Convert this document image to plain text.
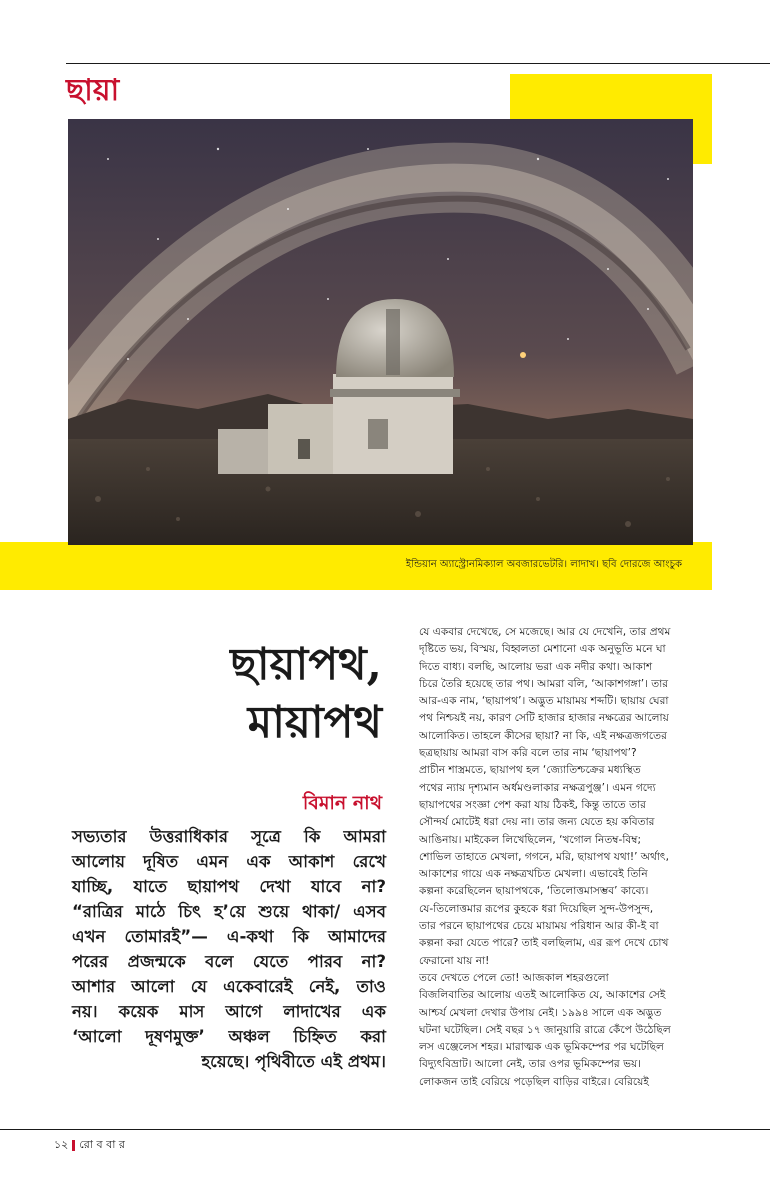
ছায়া
ইন্ডিয়ান অ্যাস্ট্রোনমিক্যাল অবজারভেটরি। লাদাখ। ছবি দোরজে আংচুক
ছায়াপথ,
মায়াপথ
বিমান নাথ

সভ্যতার উত্তরাধিকার সূত্রে কি আমরা

আলোয় দূষিত এমন এক আকাশ রেখে

যাচ্ছি, যাতে ছায়াপথ দেখা যাবে না?

“রাত্রির মাঠে চিৎ হ’য়ে শুয়ে থাকা/ এসব

এখন তোমারই”— এ-কথা কি আমাদের

পরের প্রজন্মকে বলে যেতে পারব না?

আশার আলো যে একেবারেই নেই, তাও

নয়। কয়েক মাস আগে লাদাখের এক

‘আলো দূষণমুক্ত’ অঞ্চল চিহ্নিত করা

হয়েছে। পৃথিবীতে এই প্রথম।

যে একবার দেখেছে, সে মজেছে। আর যে দেখেনি, তার প্রথম

দৃষ্টিতে ভয়, বিস্ময়, বিহ্বলতা মেশানো এক অনুভূতি মনে ঘা

দিতে বাধ্য। বলছি, আলোয় ভরা এক নদীর কথা। আকাশ

চিরে তৈরি হয়েছে তার পথ। আমরা বলি, ‘আকাশগঙ্গা’। তার

আর-এক নাম, ‘ছায়াপথ’। অদ্ভুত মায়াময় শব্দটি। ছায়ায় ঘেরা

পথ নিশ্চয়ই নয়, কারণ সেটি হাজার হাজার নক্ষত্রের আলোয়

আলোকিত। তাহলে কীসের ছায়া? না কি, এই নক্ষত্রজগতের

ছত্রছায়ায় আমরা বাস করি বলে তার নাম ‘ছায়াপথ’?

প্রাচীন শাস্ত্রমতে, ছায়াপথ হল ‘জ্যোতিশ্চক্রের মধ্যস্থিত

পথের ন্যায় দৃশ্যমান অর্ধমণ্ডলাকার নক্ষত্রপুঞ্জ’। এমন গদ্যে

ছায়াপথের সংজ্ঞা পেশ করা যায় ঠিকই, কিন্তু তাতে তার

সৌন্দর্য মোটেই ধরা দেয় না। তার জন্য যেতে হয় কবিতার

আঙিনায়। মাইকেল লিখেছিলেন, ‘খগোল নিতম্ব-বিম্ব;

শোভিল তাহাতে মেখলা, গগনে, মরি, ছায়াপথ যথা!’ অর্থাৎ,

আকাশের গায়ে এক নক্ষত্রখচিত মেখলা। এভাবেই তিনি

কল্পনা করেছিলেন ছায়াপথকে, ‘তিলোত্তমাসম্ভব’ কাব্যে।

যে-তিলোত্তমার রূপের কুহকে ধরা দিয়েছিল সুন্দ-উপসুন্দ,

তার পরনে ছায়াপথের চেয়ে মায়াময় পরিধান আর কী-ই বা

কল্পনা করা যেতে পারে? তাই বলছিলাম, এর রূপ দেখে চোখ

ফেরানো যায় না!

তবে দেখতে পেলে তো! আজকাল শহরগুলো

বিজলিবাতির আলোয় এতই আলোকিত যে, আকাশের সেই

আশ্চর্য মেখলা দেখার উপায় নেই। ১৯৯৪ সালে এক অদ্ভুত

ঘটনা ঘটেছিল। সেই বছর ১৭ জানুয়ারি রাত্রে কেঁপে উঠেছিল

লস এঞ্জেলেস শহর। মারাত্মক এক ভূমিকম্পের পর ঘটেছিল

বিদ্যুৎবিভ্রাট। আলো নেই, তার ওপর ভূমিকম্পের ভয়।

লোকজন তাই বেরিয়ে পড়েছিল বাড়ির বাইরে। বেরিয়েই

১২ রো ব বা র
